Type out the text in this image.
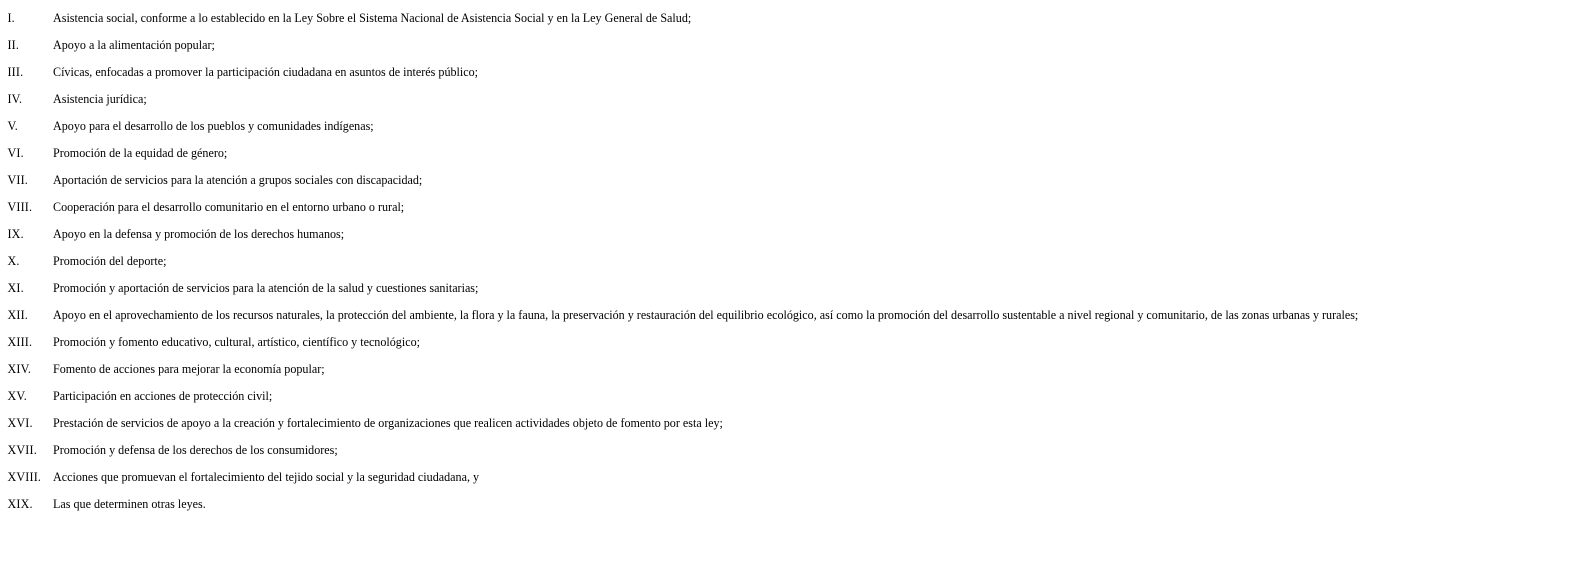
I.	Asistencia social, conforme a lo establecido en la Ley Sobre el Sistema Nacional de Asistencia Social y en la Ley General de Salud;
II.	Apoyo a la alimentación popular;
III. Cívicas, enfocadas a promover la participación ciudadana en asuntos de interés público;
IV. Asistencia jurídica;
V.	Apoyo para el desarrollo de los pueblos y comunidades indígenas;
VI. Promoción de la equidad de género;
VII. Aportación de servicios para la atención a grupos sociales con discapacidad;
VIII. Cooperación para el desarrollo comunitario en el entorno urbano o rural;
IX. Apoyo en la defensa y promoción de los derechos humanos;
X.	Promoción del deporte;
XI. Promoción y aportación de servicios para la atención de la salud y cuestiones sanitarias;
XII. Apoyo en el aprovechamiento de los recursos naturales, la protección del ambiente, la flora y la fauna, la preservación y restauración del equilibrio ecológico, así como la promoción del desarrollo sustentable a nivel regional y comunitario, de las zonas urbanas y rurales;
XIII. Promoción y fomento educativo, cultural, artístico, científico y tecnológico;
XIV. Fomento de acciones para mejorar la economía popular;
XV. Participación en acciones de protección civil;
XVI. Prestación de servicios de apoyo a la creación y fortalecimiento de organizaciones que realicen actividades objeto de fomento por esta ley;
XVII. Promoción y defensa de los derechos de los consumidores;
XVIII. Acciones que promuevan el fortalecimiento del tejido social y la seguridad ciudadana, y
XIX. Las que determinen otras leyes.
